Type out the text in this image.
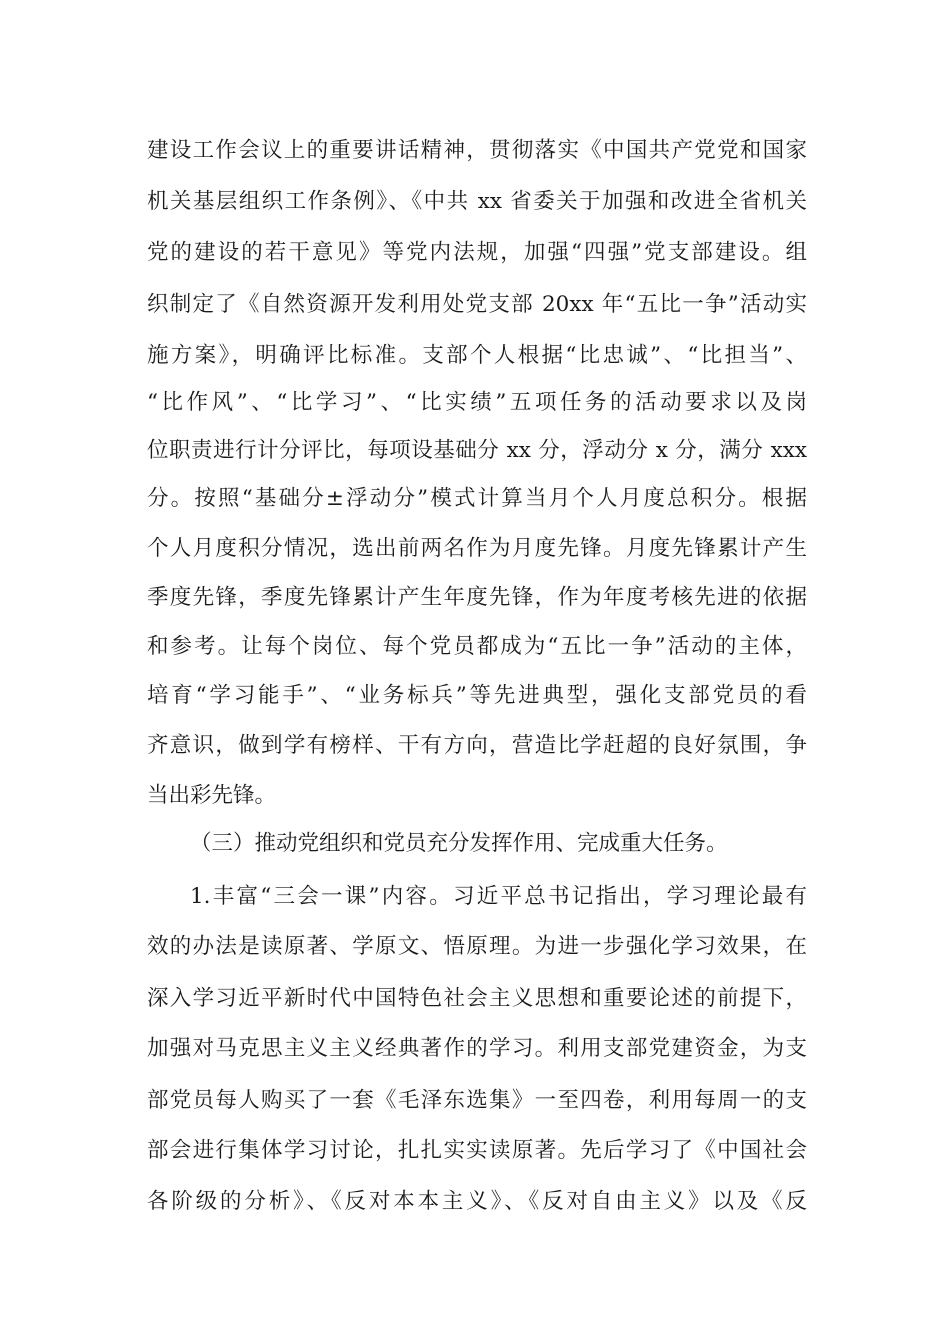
建设工作会议上的重要讲话精神，贯彻落实《中国共产党党和国家
机关基层组织工作条例》、《中共 xx 省委关于加强和改进全省机关
党的建设的若干意见》等党内法规，加强“四强”党支部建设。组
织制定了《自然资源开发利用处党支部 20xx 年“五比一争”活动实
施方案》，明确评比标准。支部个人根据“比忠诚”、“比担当”、
“比作风”、“比学习”、“比实绩”五项任务的活动要求以及岗
位职责进行计分评比，每项设基础分 xx 分，浮动分 x 分，满分 xxx
分。按照“基础分±浮动分”模式计算当月个人月度总积分。根据
个人月度积分情况，选出前两名作为月度先锋。月度先锋累计产生
季度先锋，季度先锋累计产生年度先锋，作为年度考核先进的依据
和参考。让每个岗位、每个党员都成为“五比一争”活动的主体，
培育“学习能手”、“业务标兵”等先进典型，强化支部党员的看
齐意识，做到学有榜样、干有方向，营造比学赶超的良好氛围，争
当出彩先锋。
（三）推动党组织和党员充分发挥作用、完成重大任务。
1.丰富“三会一课”内容。习近平总书记指出，学习理论最有
效的办法是读原著、学原文、悟原理。为进一步强化学习效果，在
深入学习近平新时代中国特色社会主义思想和重要论述的前提下，
加强对马克思主义主义经典著作的学习。利用支部党建资金，为支
部党员每人购买了一套《毛泽东选集》一至四卷，利用每周一的支
部会进行集体学习讨论，扎扎实实读原著。先后学习了《中国社会
各阶级的分析》、《反对本本主义》、《反对自由主义》以及《反
